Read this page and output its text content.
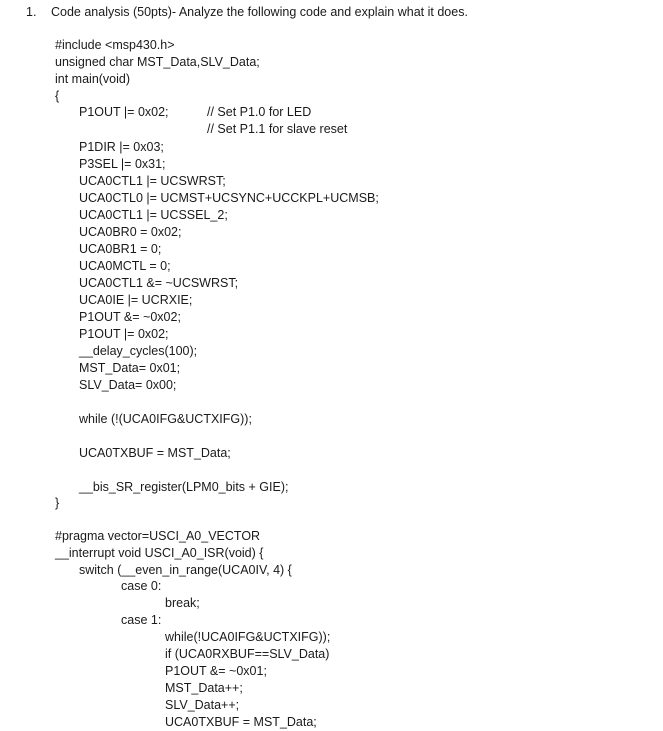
1. Code analysis (50pts)- Analyze the following code and explain what it does.
#include <msp430.h>
unsigned char MST_Data,SLV_Data;
int main(void)
{
P1OUT |= 0x02;	// Set P1.0 for LED
// Set P1.1 for slave reset
P1DIR |= 0x03;
P3SEL |= 0x31;
UCA0CTL1 |= UCSWRST;
UCA0CTL0 |= UCMST+UCSYNC+UCCKPL+UCMSB;
UCA0CTL1 |= UCSSEL_2;
UCA0BR0 = 0x02;
UCA0BR1 = 0;
UCA0MCTL = 0;
UCA0CTL1 &= ~UCSWRST;
UCA0IE |= UCRXIE;
P1OUT &= ~0x02;
P1OUT |= 0x02;
__delay_cycles(100);
MST_Data= 0x01;
SLV_Data= 0x00;
while (!(UCA0IFG&UCTXIFG));
UCA0TXBUF = MST_Data;
__bis_SR_register(LPM0_bits + GIE);
}
#pragma vector=USCI_A0_VECTOR
__interrupt void USCI_A0_ISR(void) {
switch (__even_in_range(UCA0IV, 4) {
case 0:
break;
case 1:
while(!UCA0IFG&UCTXIFG));
if (UCA0RXBUF==SLV_Data)
P1OUT &= ~0x01;
MST_Data++;
SLV_Data++;
UCA0TXBUF = MST_Data;
